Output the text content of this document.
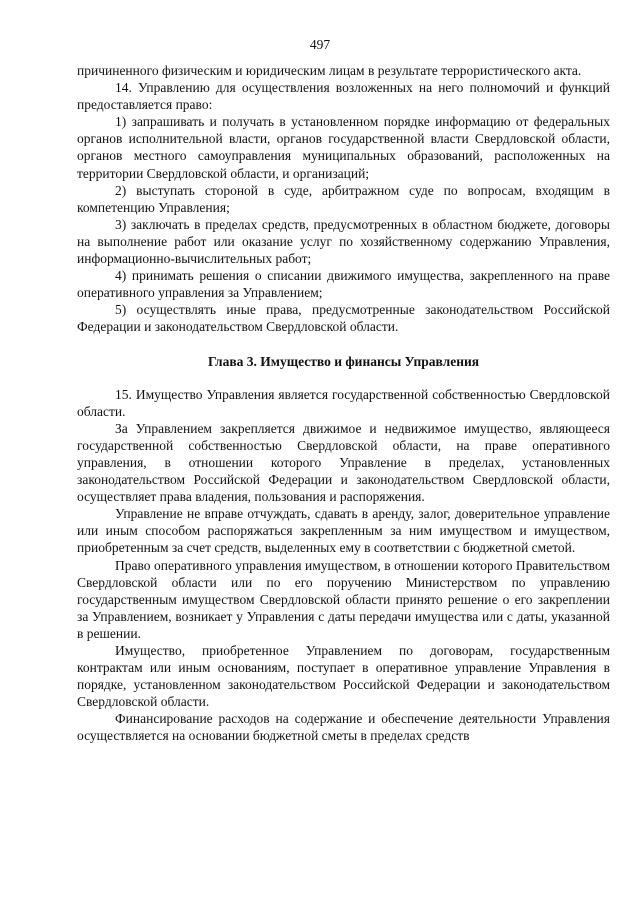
497

причиненного физическим и юридическим лицам в результате террористического акта.

14. Управлению для осуществления возложенных на него полномочий и функций предоставляется право:

1) запрашивать и получать в установленном порядке информацию от федеральных органов исполнительной власти, органов государственной власти Свердловской области, органов местного самоуправления муниципальных образований, расположенных на территории Свердловской области, и организаций;

2) выступать стороной в суде, арбитражном суде по вопросам, входящим в компетенцию Управления;

3) заключать в пределах средств, предусмотренных в областном бюджете, договоры на выполнение работ или оказание услуг по хозяйственному содержанию Управления, информационно-вычислительных работ;

4) принимать решения о списании движимого имущества, закрепленного на праве оперативного управления за Управлением;

5) осуществлять иные права, предусмотренные законодательством Российской Федерации и законодательством Свердловской области.

Глава 3. Имущество и финансы Управления

15. Имущество Управления является государственной собственностью Свердловской области.

За Управлением закрепляется движимое и недвижимое имущество, являющееся государственной собственностью Свердловской области, на праве оперативного управления, в отношении которого Управление в пределах, установленных законодательством Российской Федерации и законодательством Свердловской области, осуществляет права владения, пользования и распоряжения.

Управление не вправе отчуждать, сдавать в аренду, залог, доверительное управление или иным способом распоряжаться закрепленным за ним имуществом и имуществом, приобретенным за счет средств, выделенных ему в соответствии с бюджетной сметой.

Право оперативного управления имуществом, в отношении которого Правительством Свердловской области или по его поручению Министерством по управлению государственным имуществом Свердловской области принято решение о его закреплении за Управлением, возникает у Управления с даты передачи имущества или с даты, указанной в решении.

Имущество, приобретенное Управлением по договорам, государственным контрактам или иным основаниям, поступает в оперативное управление Управления в порядке, установленном законодательством Российской Федерации и законодательством Свердловской области.

Финансирование расходов на содержание и обеспечение деятельности Управления осуществляется на основании бюджетной сметы в пределах средств
